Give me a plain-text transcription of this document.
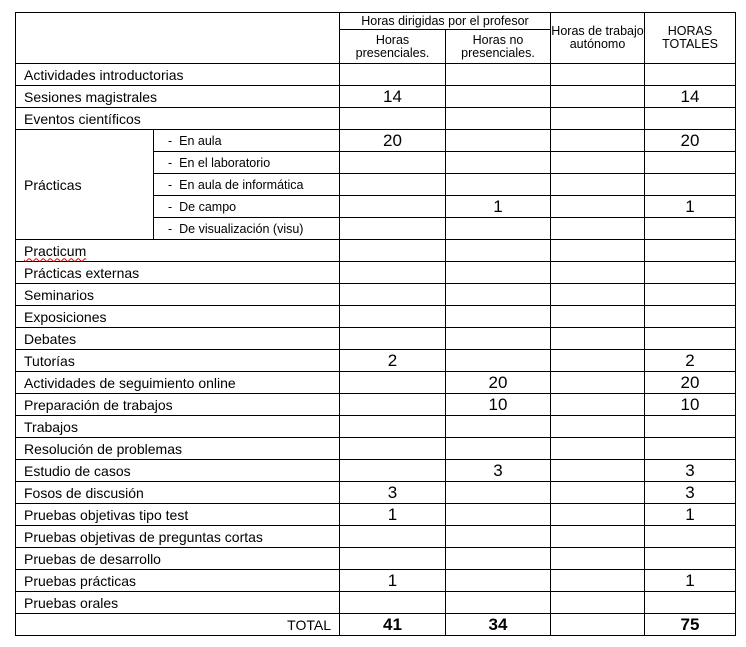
		Horas dirigidas por el profesor		Horas de trabajo autónomo	HORAS TOTALES
		Horas presenciales.	Horas no presenciales.		
Actividades introductorias					
Sesiones magistrales		14			14
Eventos científicos					
Prácticas	- En aula	20			20
	- En el laboratorio				
	- En aula de informática				
	- De campo		1		1
	- De visualización (visu)				
Practicum					
Prácticas externas					
Seminarios					
Exposiciones					
Debates					
Tutorías		2			2
Actividades de seguimiento online			20		20
Preparación de trabajos			10		10
Trabajos					
Resolución de problemas					
Estudio de casos			3		3
Fosos de discusión		3			3
Pruebas objetivas tipo test		1			1
Pruebas objetivas de preguntas cortas					
Pruebas de desarrollo					
Pruebas prácticas		1			1
Pruebas orales					
TOTAL		41	34		75
